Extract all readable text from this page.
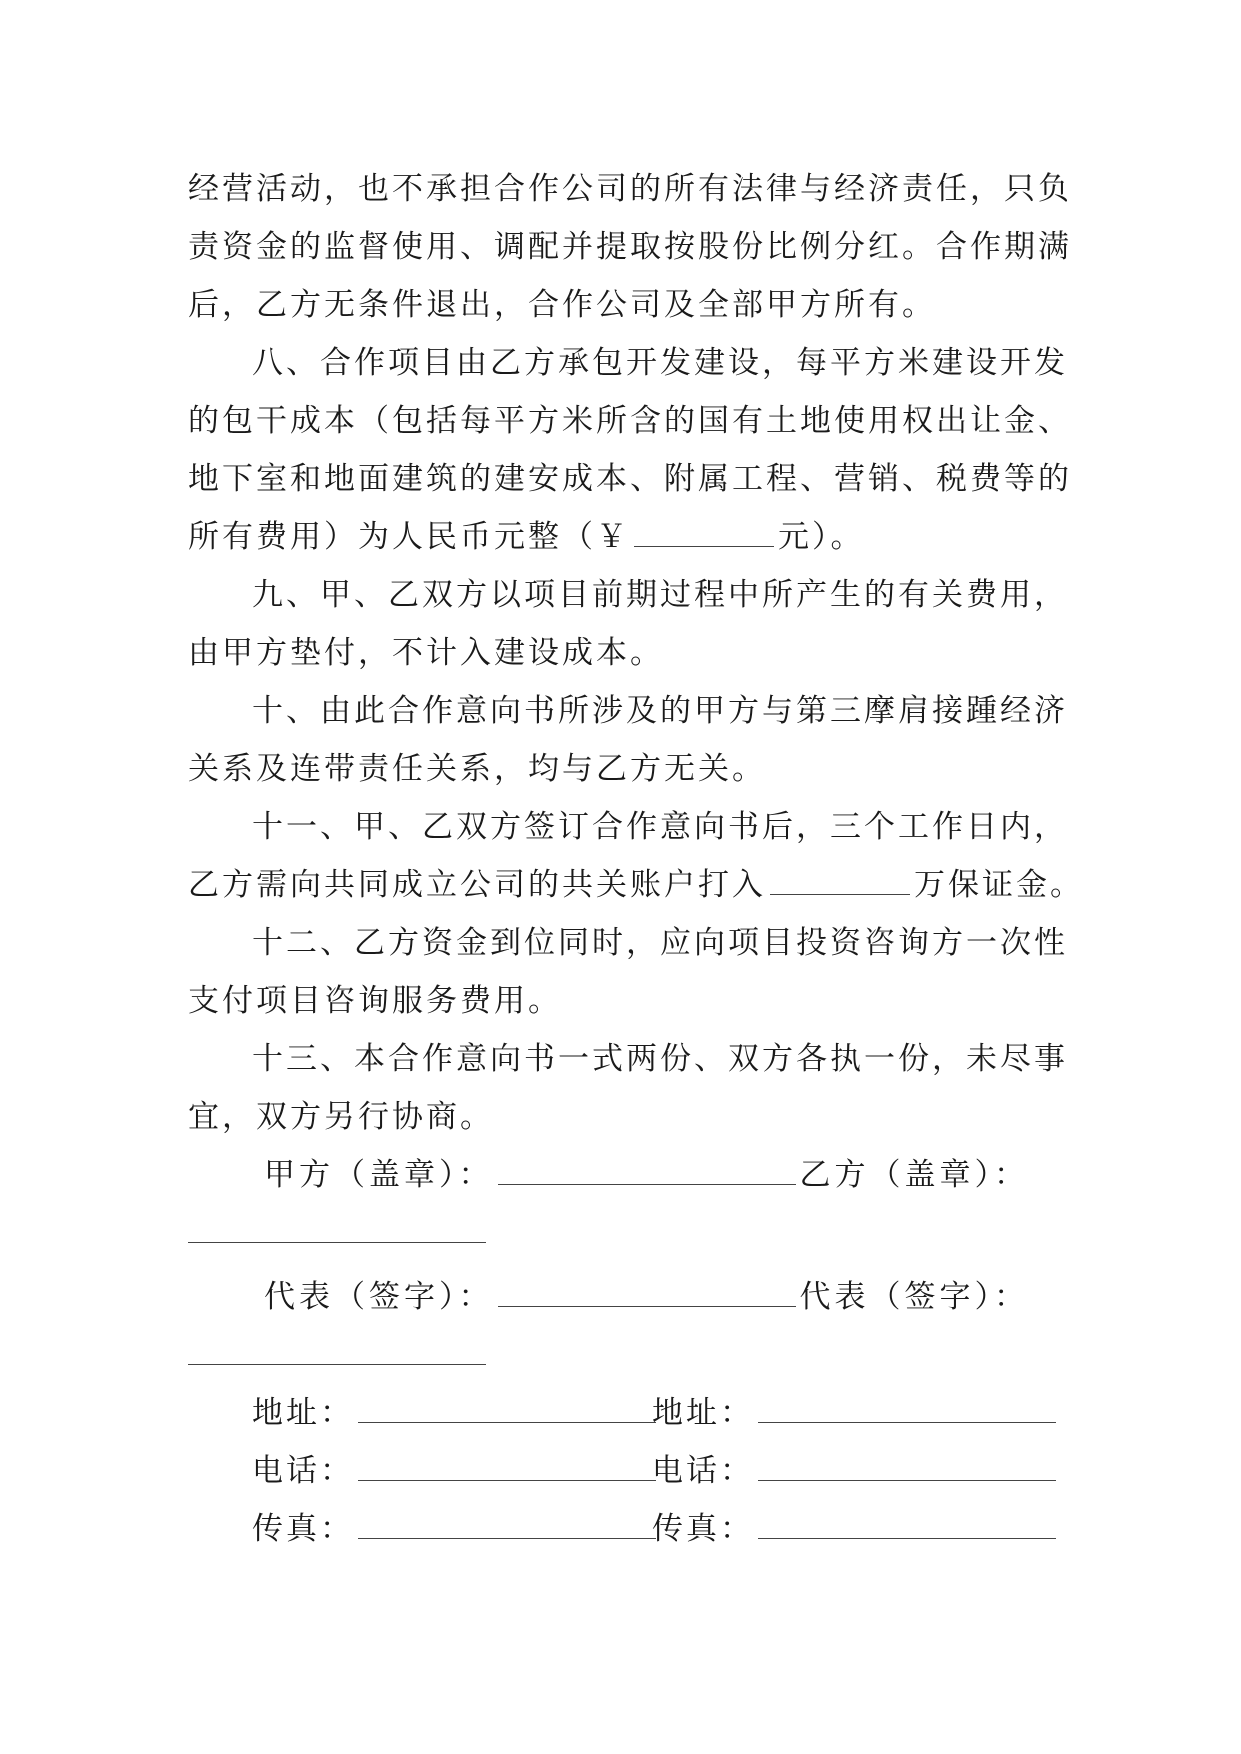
经营活动，也不承担合作公司的所有法律与经济责任，只负
责资金的监督使用、调配并提取按股份比例分红。合作期满
后，乙方无条件退出，合作公司及全部甲方所有。
八、合作项目由乙方承包开发建设，每平方米建设开发
的包干成本（包括每平方米所含的国有土地使用权出让金、
地下室和地面建筑的建安成本、附属工程、营销、税费等的
所有费用）为人民币元整（￥	元）。
九、甲、乙双方以项目前期过程中所产生的有关费用，
由甲方垫付，不计入建设成本。
十、由此合作意向书所涉及的甲方与第三摩肩接踵经济
关系及连带责任关系，均与乙方无关。
十一、甲、乙双方签订合作意向书后，三个工作日内，
乙方需向共同成立公司的共关账户打入	万保证金。
十二、乙方资金到位同时，应向项目投资咨询方一次性
支付项目咨询服务费用。
十三、本合作意向书一式两份、双方各执一份，未尽事
宜，双方另行协商。
甲方（盖章）：	乙方（盖章）：
代表（签字）：	代表（签字）：
地址：	地址：
电话：	电话：
传真：	传真：
